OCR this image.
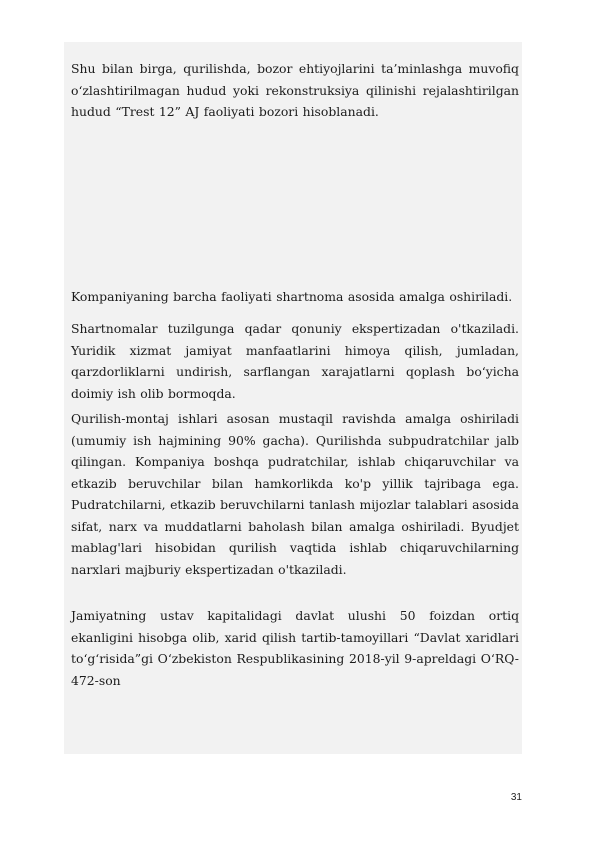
Shu bilan birga, qurilishda, bozor ehtiyojlarini ta’minlashga muvofiq o‘zlashtirilmagan hudud yoki rekonstruksiya qilinishi rejalashtirilgan hudud “Trest 12” AJ faoliyati bozori hisoblanadi.

Kompaniyaning barcha faoliyati shartnoma asosida amalga oshiriladi.

Shartnomalar tuzilgunga qadar qonuniy ekspertizadan o'tkaziladi. Yuridik xizmat jamiyat manfaatlarini himoya qilish, jumladan, qarzdorliklarni undirish, sarflangan xarajatlarni qoplash bo‘yicha doimiy ish olib bormoqda.

Qurilish-montaj ishlari asosan mustaqil ravishda amalga oshiriladi (umumiy ish hajmining 90% gacha). Qurilishda subpudratchilar jalb qilingan. Kompaniya boshqa pudratchilar, ishlab chiqaruvchilar va etkazib beruvchilar bilan hamkorlikda ko'p yillik tajribaga ega. Pudratchilarni, etkazib beruvchilarni tanlash mijozlar talablari asosida sifat, narx va muddatlarni baholash bilan amalga oshiriladi. Byudjet mablag'lari hisobidan qurilish vaqtida ishlab chiqaruvchilarning narxlari majburiy ekspertizadan o'tkaziladi.

Jamiyatning ustav kapitalidagi davlat ulushi 50 foizdan ortiq ekanligini hisobga olib, xarid qilish tartib-tamoyillari “Davlat xaridlari to‘g‘risida”gi O‘zbekiston Respublikasining 2018-yil 9-apreldagi O‘RQ-472-son

31
